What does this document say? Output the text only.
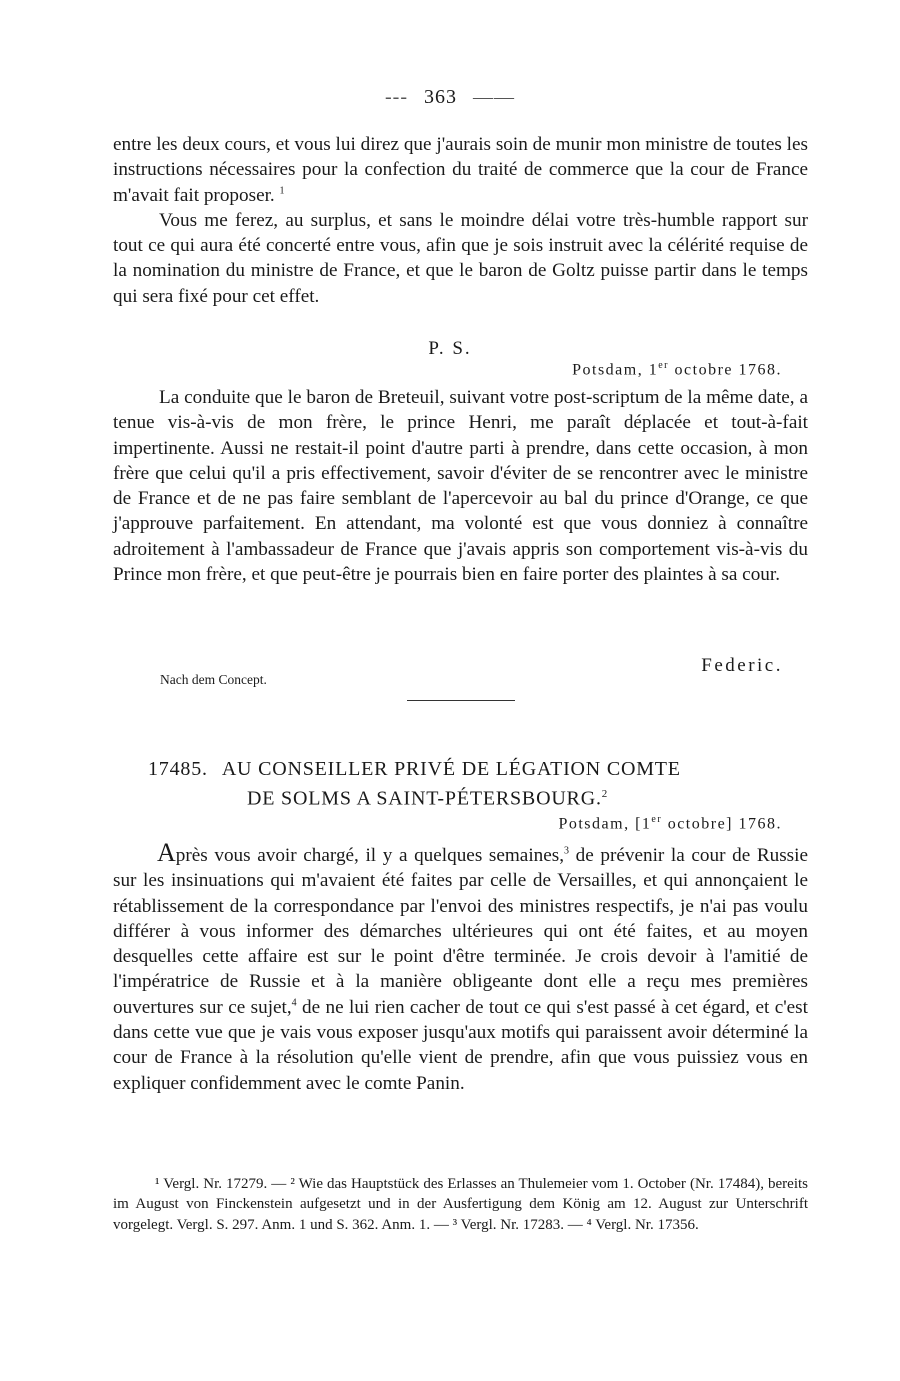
--- 363 ——

entre les deux cours, et vous lui direz que j'aurais soin de munir mon ministre de toutes les instructions nécessaires pour la confection du traité de commerce que la cour de France m'avait fait proposer. $^1$

Vous me ferez, au surplus, et sans le moindre délai votre très-humble rapport sur tout ce qui aura été concerté entre vous, afin que je sois instruit avec la célérité requise de la nomination du ministre de France, et que le baron de Goltz puisse partir dans le temps qui sera fixé pour cet effet.

P. S.
Potsdam, 1er octobre 1768.

La conduite que le baron de Breteuil, suivant votre post-scriptum de la même date, a tenue vis-à-vis de mon frère, le prince Henri, me paraît déplacée et tout-à-fait impertinente. Aussi ne restait-il point d'autre parti à prendre, dans cette occasion, à mon frère que celui qu'il a pris effectivement, savoir d'éviter de se rencontrer avec le ministre de France et de ne pas faire semblant de l'apercevoir au bal du prince d'Orange, ce que j'approuve parfaitement. En attendant, ma volonté est que vous donniez à connaître adroitement à l'ambassadeur de France que j'avais appris son comportement vis-à-vis du Prince mon frère, et que peut-être je pourrais bien en faire porter des plaintes à sa cour.

Federic.
Nach dem Concept.
17485. AU CONSEILLER PRIVÉ DE LÉGATION COMTE
DE SOLMS A SAINT-PÉTERSBOURG.$^2$
Potsdam, [1er octobre] 1768.

Après vous avoir chargé, il y a quelques semaines,$^3$ de prévenir la cour de Russie sur les insinuations qui m'avaient été faites par celle de Versailles, et qui annonçaient le rétablissement de la correspondance par l'envoi des ministres respectifs, je n'ai pas voulu différer à vous informer des démarches ultérieures qui ont été faites, et au moyen desquelles cette affaire est sur le point d'être terminée. Je crois devoir à l'amitié de l'impératrice de Russie et à la manière obligeante dont elle a reçu mes premières ouvertures sur ce sujet,$^4$ de ne lui rien cacher de tout ce qui s'est passé à cet égard, et c'est dans cette vue que je vais vous exposer jusqu'aux motifs qui paraissent avoir déterminé la cour de France à la résolution qu'elle vient de prendre, afin que vous puissiez vous en expliquer confidemment avec le comte Panin.

¹ Vergl. Nr. 17279. — ² Wie das Hauptstück des Erlasses an Thulemeier vom 1. October (Nr. 17484), bereits im August von Finckenstein aufgesetzt und in der Ausfertigung dem König am 12. August zur Unterschrift vorgelegt. Vergl. S. 297. Anm. 1 und S. 362. Anm. 1. — ³ Vergl. Nr. 17283. — ⁴ Vergl. Nr. 17356.
